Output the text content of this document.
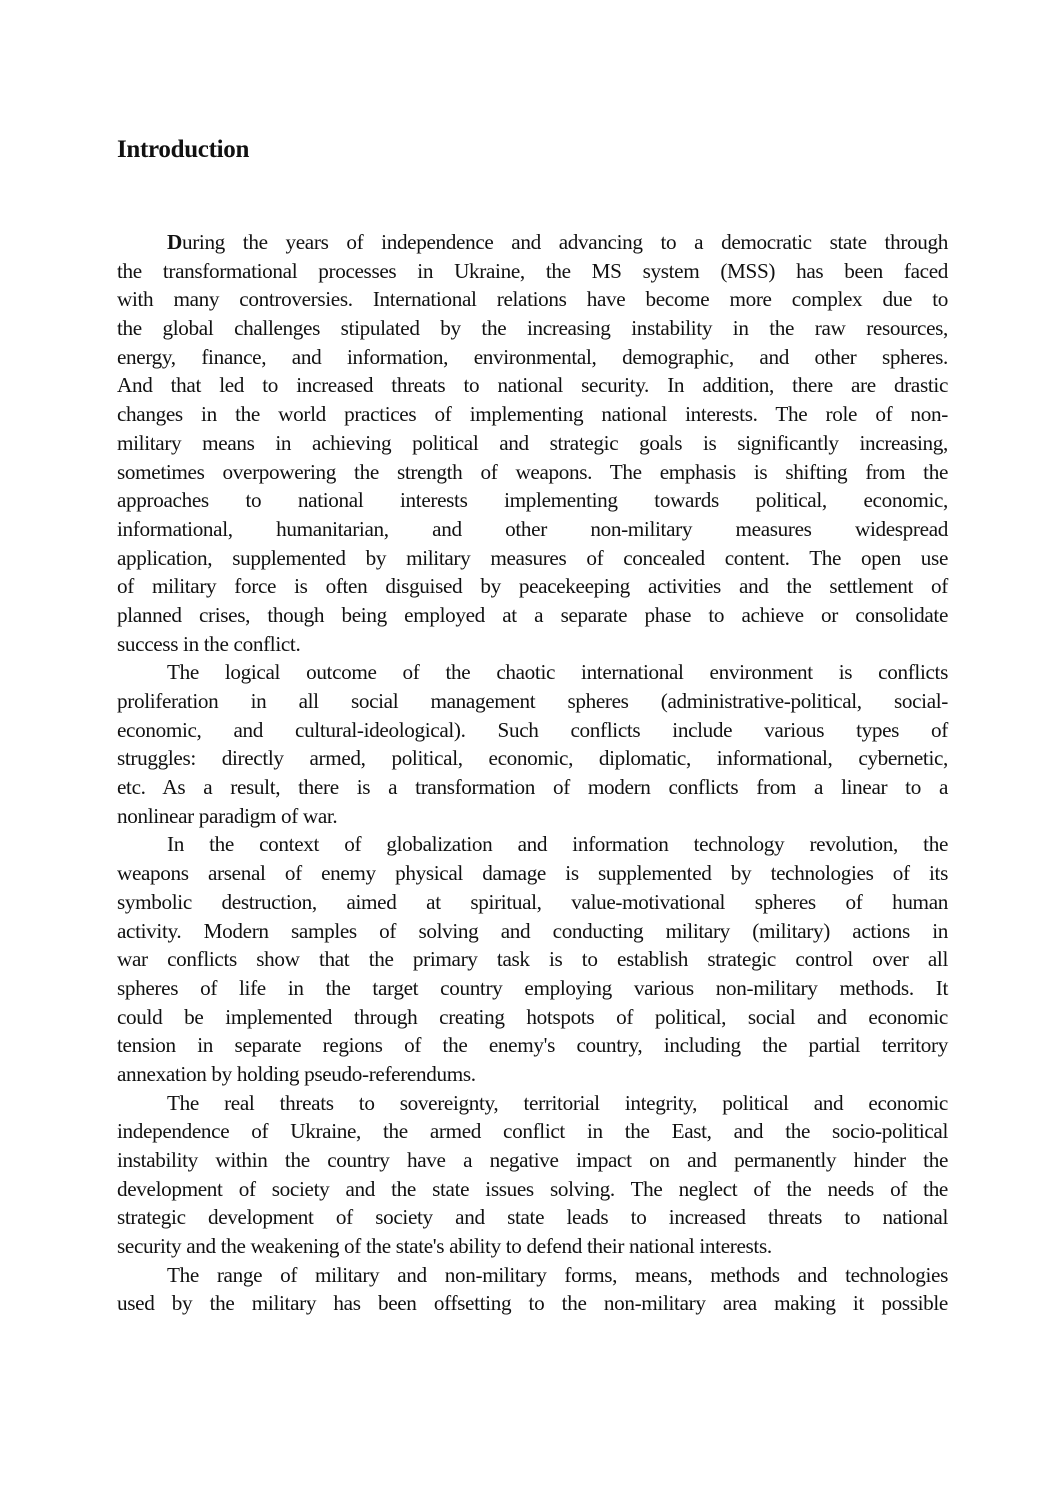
Introduction

During the years of independence and advancing to a democratic state through
the transformational processes in Ukraine, the MS system (MSS) has been faced
with many controversies. International relations have become more complex due to
the global challenges stipulated by the increasing instability in the raw resources,
energy, finance, and information, environmental, demographic, and other spheres.
And that led to increased threats to national security. In addition, there are drastic
changes in the world practices of implementing national interests. The role of non-
military means in achieving political and strategic goals is significantly increasing,
sometimes overpowering the strength of weapons. The emphasis is shifting from the
approaches to national interests implementing towards political, economic,
informational, humanitarian, and other non-military measures widespread
application, supplemented by military measures of concealed content. The open use
of military force is often disguised by peacekeeping activities and the settlement of
planned crises, though being employed at a separate phase to achieve or consolidate
success in the conflict.

The logical outcome of the chaotic international environment is conflicts
proliferation in all social management spheres (administrative-political, social-
economic, and cultural-ideological). Such conflicts include various types of
struggles: directly armed, political, economic, diplomatic, informational, cybernetic,
etc. As a result, there is a transformation of modern conflicts from a linear to a
nonlinear paradigm of war.

In the context of globalization and information technology revolution, the
weapons arsenal of enemy physical damage is supplemented by technologies of its
symbolic destruction, aimed at spiritual, value-motivational spheres of human
activity. Modern samples of solving and conducting military (military) actions in
war conflicts show that the primary task is to establish strategic control over all
spheres of life in the target country employing various non-military methods. It
could be implemented through creating hotspots of political, social and economic
tension in separate regions of the enemy's country, including the partial territory
annexation by holding pseudo-referendums.

The real threats to sovereignty, territorial integrity, political and economic
independence of Ukraine, the armed conflict in the East, and the socio-political
instability within the country have a negative impact on and permanently hinder the
development of society and the state issues solving. The neglect of the needs of the
strategic development of society and state leads to increased threats to national
security and the weakening of the state's ability to defend their national interests.

The range of military and non-military forms, means, methods and technologies
used by the military has been offsetting to the non-military area making it possible
